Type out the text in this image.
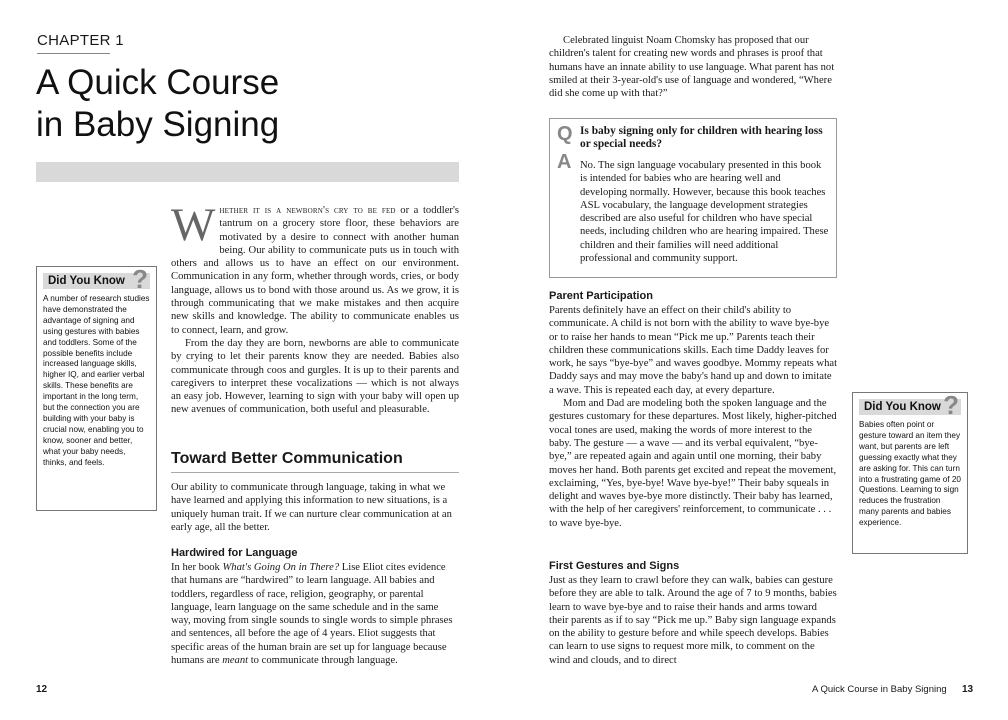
CHAPTER 1
A Quick Course
in Baby Signing

Whether it is a newborn's cry to be fed or a toddler's tantrum on a grocery store floor, these behaviors are motivated by a desire to connect with another human being. Our ability to communicate puts us in touch with others and allows us to have an effect on our environment. Communication in any form, whether through words, cries, or body language, allows us to bond with those around us. As we grow, it is through communicating that we make mistakes and then acquire new skills and knowledge. The ability to communicate enables us to connect, learn, and grow.

From the day they are born, newborns are able to communicate by crying to let their parents know they are needed. Babies also communicate through coos and gurgles. It is up to their parents and caregivers to interpret these vocalizations — which is not always an easy job. However, learning to sign with your baby will open up new avenues of communication, both useful and pleasurable.

Toward Better Communication

Our ability to communicate through language, taking in what we have learned and applying this information to new situations, is a uniquely human trait. If we can nurture clear communication at an early age, all the better.

Hardwired for Language

In her book What's Going On in There? Lise Eliot cites evidence that humans are “hardwired” to learn language. All babies and toddlers, regardless of race, religion, geography, or parental language, learn language on the same schedule and in the same way, moving from single sounds to single words to simple phrases and sentences, all before the age of 4 years. Eliot suggests that specific areas of the human brain are set up for language because humans are meant to communicate through language.

Did You Know ?

A number of research studies have demonstrated the advantage of signing and using gestures with babies and toddlers. Some of the possible benefits include increased language skills, higher IQ, and earlier verbal skills. These benefits are important in the long term, but the connection you are building with your baby is crucial now, enabling you to know, sooner and better, what your baby needs, thinks, and feels.

12

Celebrated linguist Noam Chomsky has proposed that our children's talent for creating new words and phrases is proof that humans have an innate ability to use language. What parent has not smiled at their 3-year-old's use of language and wondered, “Where did she come up with that?”

Q
A

Is baby signing only for children with hearing loss or special needs?

No. The sign language vocabulary presented in this book is intended for babies who are hearing well and developing normally. However, because this book teaches ASL vocabulary, the language development strategies described are also useful for children who have special needs, including children who are hearing impaired. These children and their families will need additional professional and community support.

Parent Participation

Parents definitely have an effect on their child's ability to communicate. A child is not born with the ability to wave bye-bye or to raise her hands to mean “Pick me up.” Parents teach their children these communications skills. Each time Daddy leaves for work, he says “bye-bye” and waves goodbye. Mommy repeats what Daddy says and may move the baby's hand up and down to imitate a wave. This is repeated each day, at every departure.

Mom and Dad are modeling both the spoken language and the gestures customary for these departures. Most likely, higher-pitched vocal tones are used, making the words of more interest to the baby. The gesture — a wave — and its verbal equivalent, “bye-bye,” are repeated again and again until one morning, their baby moves her hand. Both parents get excited and repeat the movement, exclaiming, “Yes, bye-bye! Wave bye-bye!” Their baby squeals in delight and waves bye-bye more distinctly. Their baby has learned, with the help of her caregivers' reinforcement, to communicate . . . to wave bye-bye.

First Gestures and Signs

Just as they learn to crawl before they can walk, babies can gesture before they are able to talk. Around the age of 7 to 9 months, babies learn to wave bye-bye and to raise their hands and arms toward their parents as if to say “Pick me up.” Baby sign language expands on the ability to gesture before and while speech develops. Babies can learn to use signs to request more milk, to comment on the wind and clouds, and to direct

Did You Know ?

Babies often point or gesture toward an item they want, but parents are left guessing exactly what they are asking for. This can turn into a frustrating game of 20 Questions. Learning to sign reduces the frustration many parents and babies experience.

A Quick Course in Baby Signing 13
